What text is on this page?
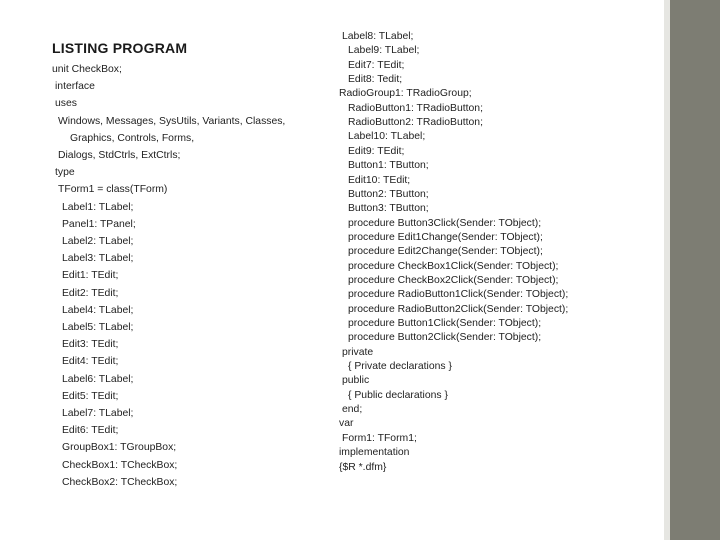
LISTING PROGRAM
unit CheckBox;
interface
uses
Windows, Messages, SysUtils, Variants, Classes,
Graphics, Controls, Forms,
Dialogs, StdCtrls, ExtCtrls;
type
TForm1 = class(TForm)
Label1: TLabel;
Panel1: TPanel;
Label2: TLabel;
Label3: TLabel;
Edit1: TEdit;
Edit2: TEdit;
Label4: TLabel;
Label5: TLabel;
Edit3: TEdit;
Edit4: TEdit;
Label6: TLabel;
Edit5: TEdit;
Label7: TLabel;
Edit6: TEdit;
GroupBox1: TGroupBox;
CheckBox1: TCheckBox;
CheckBox2: TCheckBox;
Label8: TLabel;
Label9: TLabel;
Edit7: TEdit;
Edit8: Tedit;
RadioGroup1: TRadioGroup;
RadioButton1: TRadioButton;
RadioButton2: TRadioButton;
Label10: TLabel;
Edit9: TEdit;
Button1: TButton;
Edit10: TEdit;
Button2: TButton;
Button3: TButton;
procedure Button3Click(Sender: TObject);
procedure Edit1Change(Sender: TObject);
procedure Edit2Change(Sender: TObject);
procedure CheckBox1Click(Sender: TObject);
procedure CheckBox2Click(Sender: TObject);
procedure RadioButton1Click(Sender: TObject);
procedure RadioButton2Click(Sender: TObject);
procedure Button1Click(Sender: TObject);
procedure Button2Click(Sender: TObject);
private
{ Private declarations }
public
{ Public declarations }
end;
var
Form1: TForm1;
implementation
{$R *.dfm}
